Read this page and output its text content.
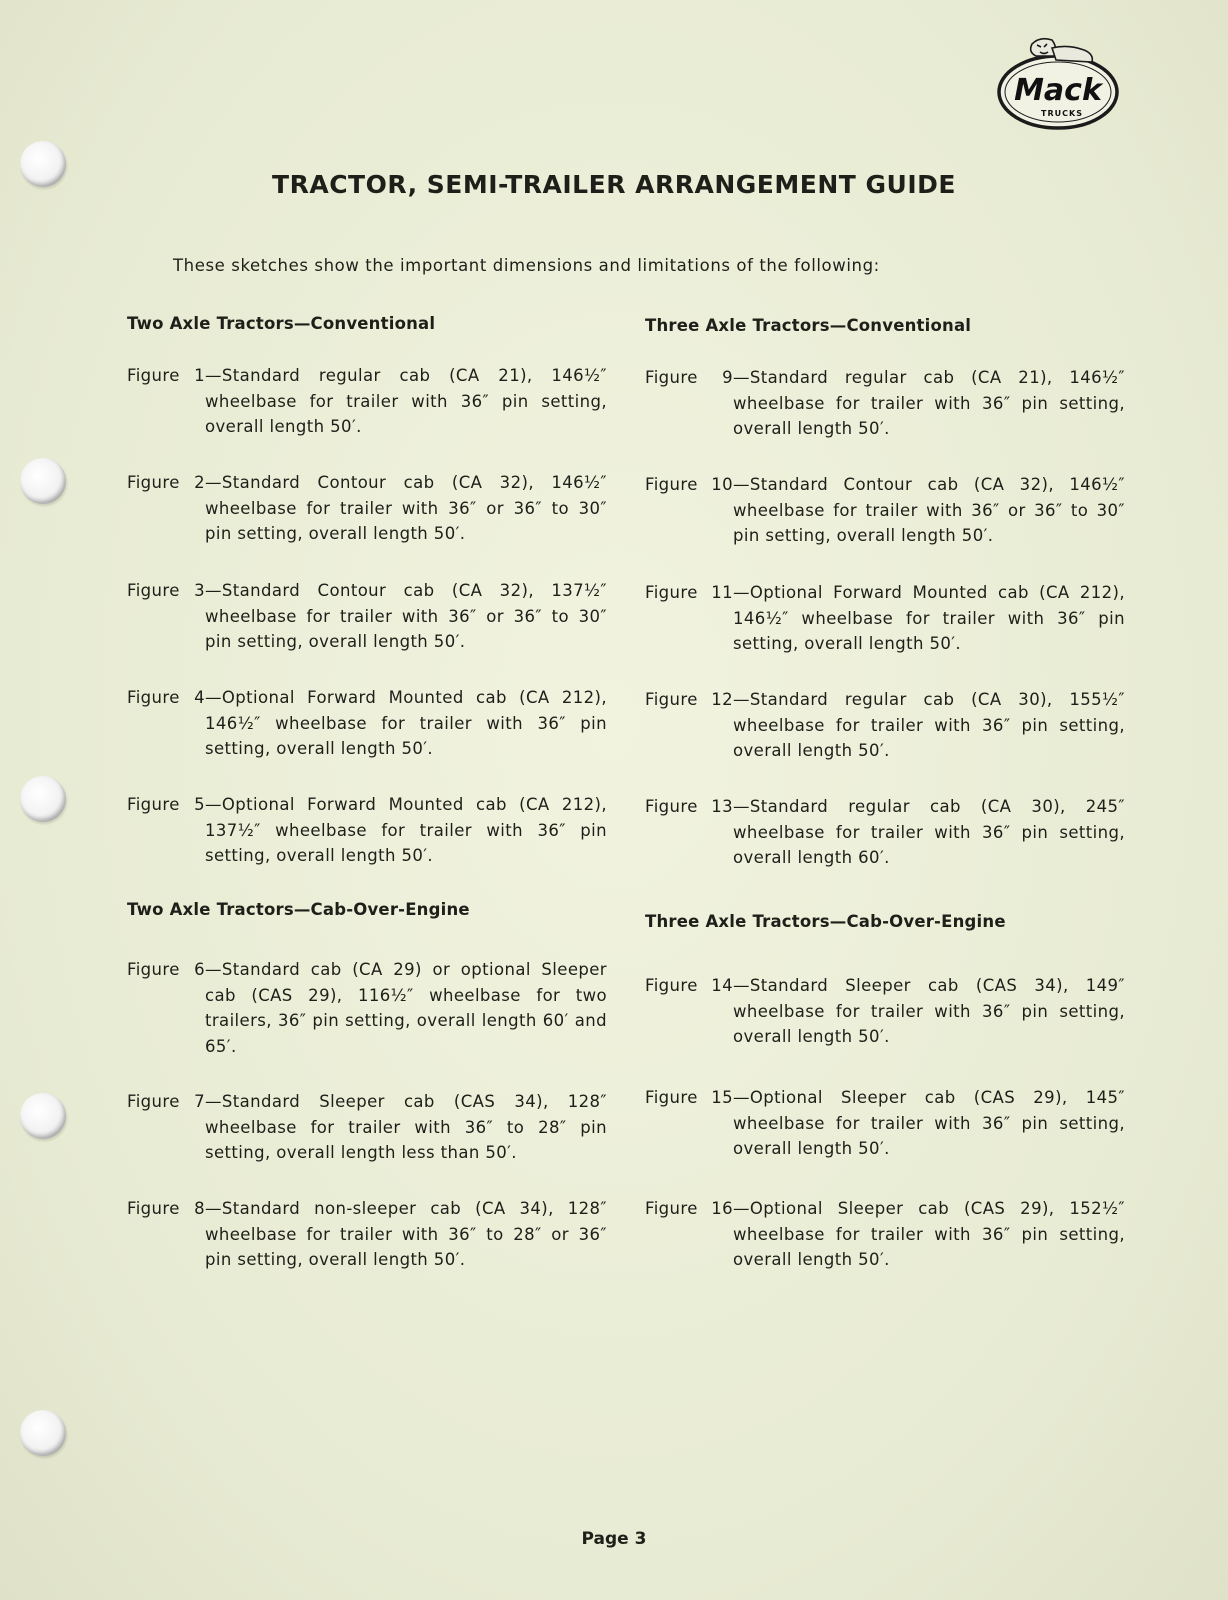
Mack
TRUCKS
TRACTOR, SEMI-TRAILER ARRANGEMENT GUIDE
These sketches show the important dimensions and limitations of the following:
Two Axle Tractors—Conventional
Figure 1 —Standard regular cab (CA 21), 146½″ wheelbase for trailer with 36″ pin setting, overall length 50′.
Figure 2 —Standard Contour cab (CA 32), 146½″ wheelbase for trailer with 36″ or 36″ to 30″ pin setting, overall length 50′.
Figure 3 —Standard Contour cab (CA 32), 137½″ wheelbase for trailer with 36″ or 36″ to 30″ pin setting, overall length 50′.
Figure 4 —Optional Forward Mounted cab (CA 212), 146½″ wheelbase for trailer with 36″ pin setting, overall length 50′.
Figure 5 —Optional Forward Mounted cab (CA 212), 137½″ wheelbase for trailer with 36″ pin setting, overall length 50′.
Two Axle Tractors—Cab-Over-Engine
Figure 6 —Standard cab (CA 29) or optional Sleeper cab (CAS 29), 116½″ wheelbase for two trailers, 36″ pin setting, overall length 60′ and 65′.
Figure 7 —Standard Sleeper cab (CAS 34), 128″ wheelbase for trailer with 36″ to 28″ pin setting, overall length less than 50′.
Figure 8 —Standard non-sleeper cab (CA 34), 128″ wheelbase for trailer with 36″ to 28″ or 36″ pin setting, overall length 50′.
Three Axle Tractors—Conventional
Figure	9 —Standard regular cab (CA 21), 146½″ wheelbase for trailer with 36″ pin setting, overall length 50′.
Figure 10 —Standard Contour cab (CA 32), 146½″ wheelbase for trailer with 36″ or 36″ to 30″ pin setting, overall length 50′.
Figure 11 —Optional Forward Mounted cab (CA 212), 146½″ wheelbase for trailer with 36″ pin setting, overall length 50′.
Figure 12 —Standard regular cab (CA 30), 155½″ wheelbase for trailer with 36″ pin setting, overall length 50′.
Figure 13 —Standard regular cab (CA 30), 245″ wheelbase for trailer with 36″ pin setting, overall length 60′.
Three Axle Tractors—Cab-Over-Engine
Figure 14 —Standard Sleeper cab (CAS 34), 149″ wheelbase for trailer with 36″ pin setting, overall length 50′.
Figure 15 —Optional Sleeper cab (CAS 29), 145″ wheelbase for trailer with 36″ pin setting, overall length 50′.
Figure 16 —Optional Sleeper cab (CAS 29), 152½″ wheelbase for trailer with 36″ pin setting, overall length 50′.
Page 3
